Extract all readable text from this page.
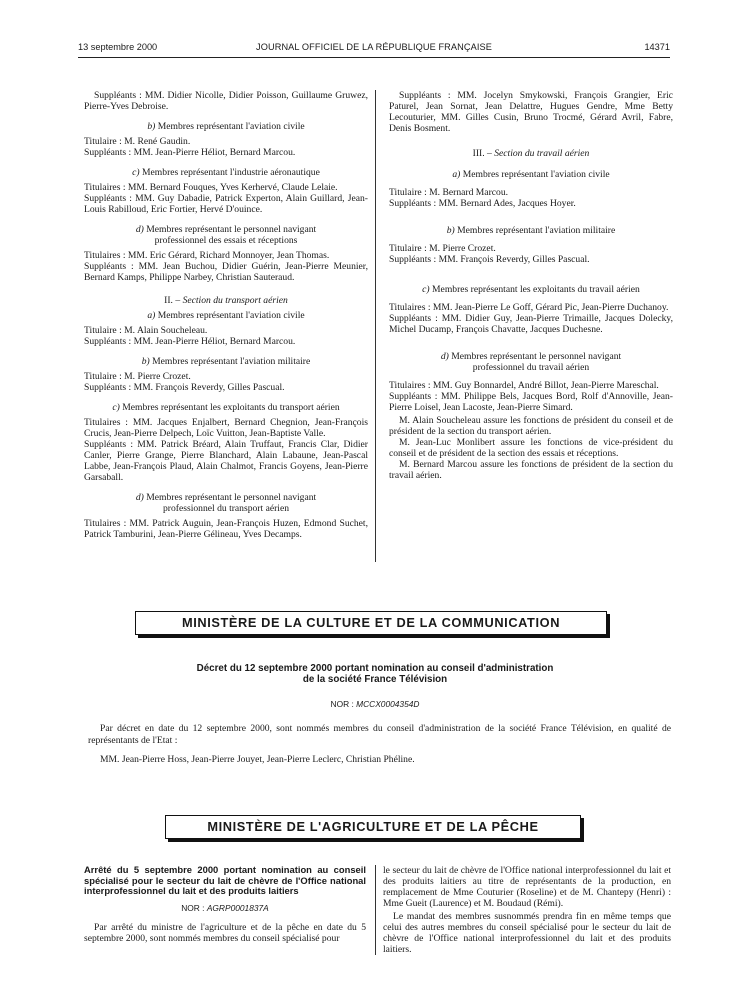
13 septembre 2000	JOURNAL OFFICIEL DE LA RÉPUBLIQUE FRANÇAISE	14371

Suppléants : MM. Didier Nicolle, Didier Poisson, Guillaume Gruwez, Pierre-Yves Debroise.

b) Membres représentant l'aviation civile

Titulaire : M. René Gaudin.

Suppléants : MM. Jean-Pierre Héliot, Bernard Marcou.

c) Membres représentant l'industrie aéronautique

Titulaires : MM. Bernard Fouques, Yves Kerhervé, Claude Lelaie.

Suppléants : MM. Guy Dabadie, Patrick Experton, Alain Guillard, Jean-Louis Rabilloud, Eric Fortier, Hervé D'ouince.

d) Membres représentant le personnel navigant
professionnel des essais et réceptions

Titulaires : MM. Eric Gérard, Richard Monnoyer, Jean Thomas.

Suppléants : MM. Jean Buchou, Didier Guérin, Jean-Pierre Meunier, Bernard Kamps, Philippe Narbey, Christian Sauteraud.

II. – Section du transport aérien

a) Membres représentant l'aviation civile

Titulaire : M. Alain Soucheleau.

Suppléants : MM. Jean-Pierre Héliot, Bernard Marcou.

b) Membres représentant l'aviation militaire

Titulaire : M. Pierre Crozet.

Suppléants : MM. François Reverdy, Gilles Pascual.

c) Membres représentant les exploitants du transport aérien

Titulaires : MM. Jacques Enjalbert, Bernard Chegnion, Jean-François Crucis, Jean-Pierre Delpech, Loïc Vuitton, Jean-Baptiste Valle.

Suppléants : MM. Patrick Bréard, Alain Truffaut, Francis Clar, Didier Canler, Pierre Grange, Pierre Blanchard, Alain Labaune, Jean-Pascal Labbe, Jean-François Plaud, Alain Chalmot, Francis Goyens, Jean-Pierre Garsaball.

d) Membres représentant le personnel navigant
professionnel du transport aérien

Titulaires : MM. Patrick Auguin, Jean-François Huzen, Edmond Suchet, Patrick Tamburini, Jean-Pierre Gélineau, Yves Decamps.

Suppléants : MM. Jocelyn Smykowski, François Grangier, Eric Paturel, Jean Sornat, Jean Delattre, Hugues Gendre, Mme Betty Lecouturier, MM. Gilles Cusin, Bruno Trocmé, Gérard Avril, Fabre, Denis Bosment.

III. – Section du travail aérien

a) Membres représentant l'aviation civile

Titulaire : M. Bernard Marcou.

Suppléants : MM. Bernard Ades, Jacques Hoyer.

b) Membres représentant l'aviation militaire

Titulaire : M. Pierre Crozet.

Suppléants : MM. François Reverdy, Gilles Pascual.

c) Membres représentant les exploitants du travail aérien

Titulaires : MM. Jean-Pierre Le Goff, Gérard Pic, Jean-Pierre Duchanoy.

Suppléants : MM. Didier Guy, Jean-Pierre Trimaille, Jacques Dolecky, Michel Ducamp, François Chavatte, Jacques Duchesne.

d) Membres représentant le personnel navigant
professionnel du travail aérien

Titulaires : MM. Guy Bonnardel, André Billot, Jean-Pierre Mareschal.

Suppléants : MM. Philippe Bels, Jacques Bord, Rolf d'Annoville, Jean-Pierre Loisel, Jean Lacoste, Jean-Pierre Simard.

M. Alain Soucheleau assure les fonctions de président du conseil et de président de la section du transport aérien.

M. Jean-Luc Monlibert assure les fonctions de vice-président du conseil et de président de la section des essais et réceptions.

M. Bernard Marcou assure les fonctions de président de la section du travail aérien.

MINISTÈRE DE LA CULTURE ET DE LA COMMUNICATION
Décret du 12 septembre 2000 portant nomination au conseil d'administration
de la société France Télévision
NOR : MCCX0004354D

Par décret en date du 12 septembre 2000, sont nommés membres du conseil d'administration de la société France Télévision, en qualité de représentants de l'Etat :

MM. Jean-Pierre Hoss, Jean-Pierre Jouyet, Jean-Pierre Leclerc, Christian Phéline.

MINISTÈRE DE L'AGRICULTURE ET DE LA PÊCHE

Arrêté du 5 septembre 2000 portant nomination au conseil spécialisé pour le secteur du lait de chèvre de l'Office national interprofessionnel du lait et des produits laitiers

NOR : AGRP0001837A

Par arrêté du ministre de l'agriculture et de la pêche en date du 5 septembre 2000, sont nommés membres du conseil spécialisé pour

le secteur du lait de chèvre de l'Office national interprofessionnel du lait et des produits laitiers au titre de représentants de la production, en remplacement de Mme Couturier (Roseline) et de M. Chantepy (Henri) : Mme Gueit (Laurence) et M. Boudaud (Rémi).

Le mandat des membres susnommés prendra fin en même temps que celui des autres membres du conseil spécialisé pour le secteur du lait de chèvre de l'Office national interprofessionnel du lait et des produits laitiers.
